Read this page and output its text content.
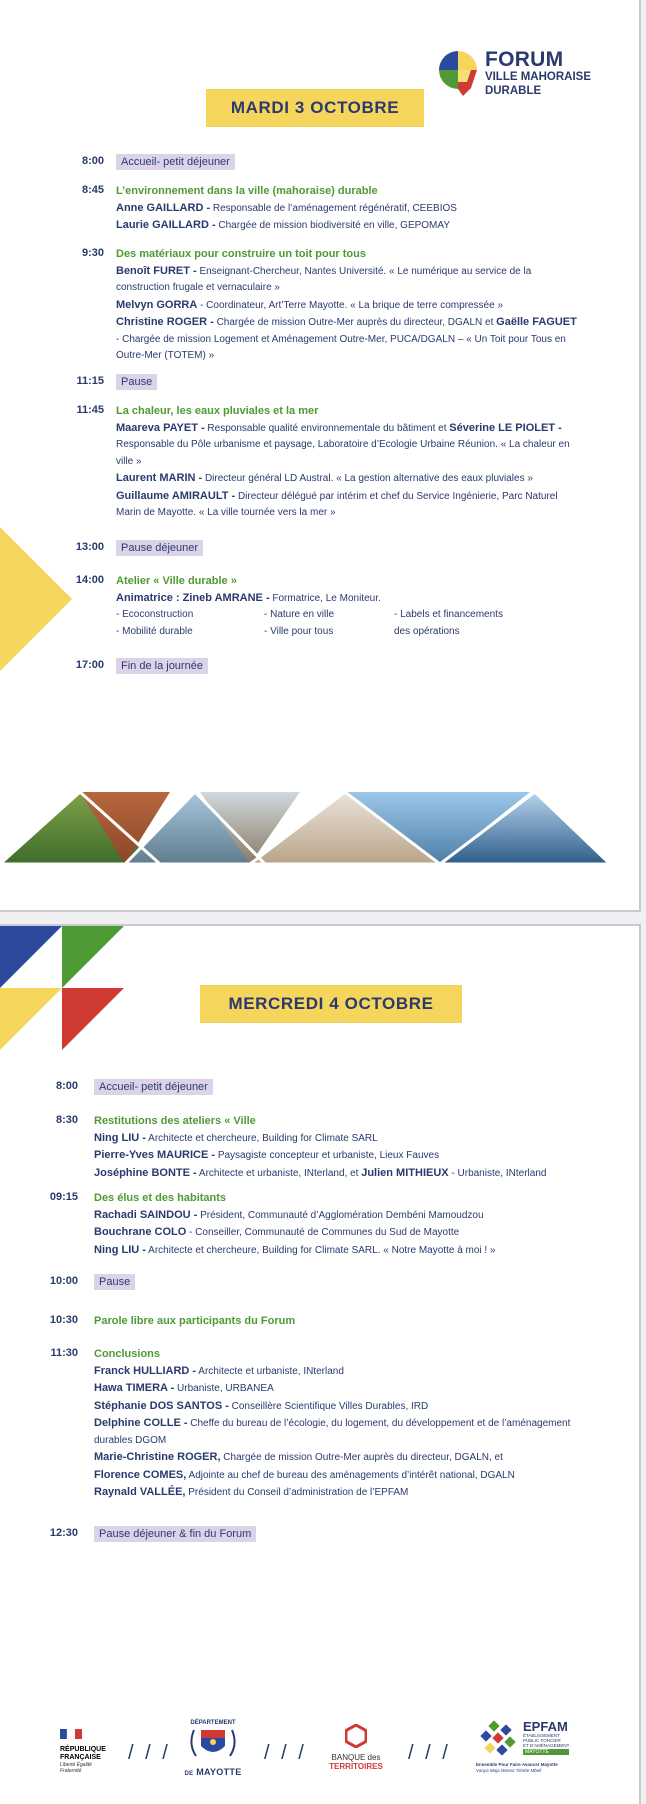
FORUM
VILLE MAHORAISE
DURABLE
MARDI 3 OCTOBRE
8:00	Accueil- petit déjeuner
8:45 L’environnement dans la ville (mahoraise) durable
Anne GAILLARD - Responsable de l’aménagement régénératif, CEEBIOS
Laurie GAILLARD - Chargée de mission biodiversité en ville, GEPOMAY
9:30 Des matériaux pour construire un toit pour tous
Benoît FURET - Enseignant-Chercheur, Nantes Université. « Le numérique au service de la construction frugale et vernaculaire »
Melvyn GORRA - Coordinateur, Art’Terre Mayotte. « La brique de terre compressée »
Christine ROGER - Chargée de mission Outre-Mer auprès du directeur, DGALN et Gaëlle FAGUET - Chargée de mission Logement et Aménagement Outre-Mer, PUCA/DGALN – « Un Toit pour Tous en Outre-Mer (TOTEM) »
11:15	Pause
11:45 La chaleur, les eaux pluviales et la mer
Maareva PAYET - Responsable qualité environnementale du bâtiment et Séverine LE PIOLET - Responsable du Pôle urbanisme et paysage, Laboratoire d’Ecologie Urbaine Réunion. « La chaleur en ville »
Laurent MARIN - Directeur général LD Austral. « La gestion alternative des eaux pluviales »
Guillaume AMIRAULT - Directeur délégué par intérim et chef du Service Ingénierie, Parc Naturel Marin de Mayotte. « La ville tournée vers la mer »
13:00	Pause déjeuner
14:00 Atelier « Ville durable »
Animatrice : Zineb AMRANE - Formatrice, Le Moniteur.
- Ecoconstruction
- Mobilité durable
- Nature en ville
- Ville pour tous
- Labels et financements
des opérations
17:00	Fin de la journée
MERCREDI 4 OCTOBRE
8:00	Accueil- petit déjeuner
8:30 Restitutions des ateliers « Ville
Ning LIU - Architecte et chercheure, Building for Climate SARL
Pierre-Yves MAURICE - Paysagiste concepteur et urbaniste, Lieux Fauves
Joséphine BONTE - Architecte et urbaniste, INterland, et Julien MITHIEUX - Urbaniste, INterland
09:15 Des élus et des habitants
Rachadi SAINDOU - Président, Communauté d’Agglomération Dembéni Mamoudzou
Bouchrane COLO - Conseiller, Communauté de Communes du Sud de Mayotte
Ning LIU - Architecte et chercheure, Building for Climate SARL. « Notre Mayotte à moi ! »
10:00	Pause
10:30 Parole libre aux participants du Forum
11:30 Conclusions
Franck HULLIARD - Architecte et urbaniste, INterland
Hawa TIMERA - Urbaniste, URBANEA
Stéphanie DOS SANTOS - Conseillère Scientifique Villes Durables, IRD
Delphine COLLE - Cheffe du bureau de l’écologie, du logement, du développement et de l’aménagement durables DGOM
Marie-Christine ROGER, Chargée de mission Outre-Mer auprès du directeur, DGALN, et
Florence COMES, Adjointe au chef de bureau des aménagements d’intérêt national, DGALN
Raynald VALLÉE, Président du Conseil d’administration de l’EPFAM
12:30	Pause déjeuner & fin du Forum
RÉPUBLIQUE
FRANÇAISE
Liberté Égalité Fraternité
/ / /
DÉPARTEMENT
DE MAYOTTE
/ / /	BANQUE des
TERRITOIRES
/ / /
EPFAM
ÉTABLISSEMENT
PUBLIC FONCIER
ET D’AMÉNAGEMENT
MAYOTTE
Ensemble Pour Faire Avancer Mayotte
Vanya Moja Wasso Tiimbe Mbeli
